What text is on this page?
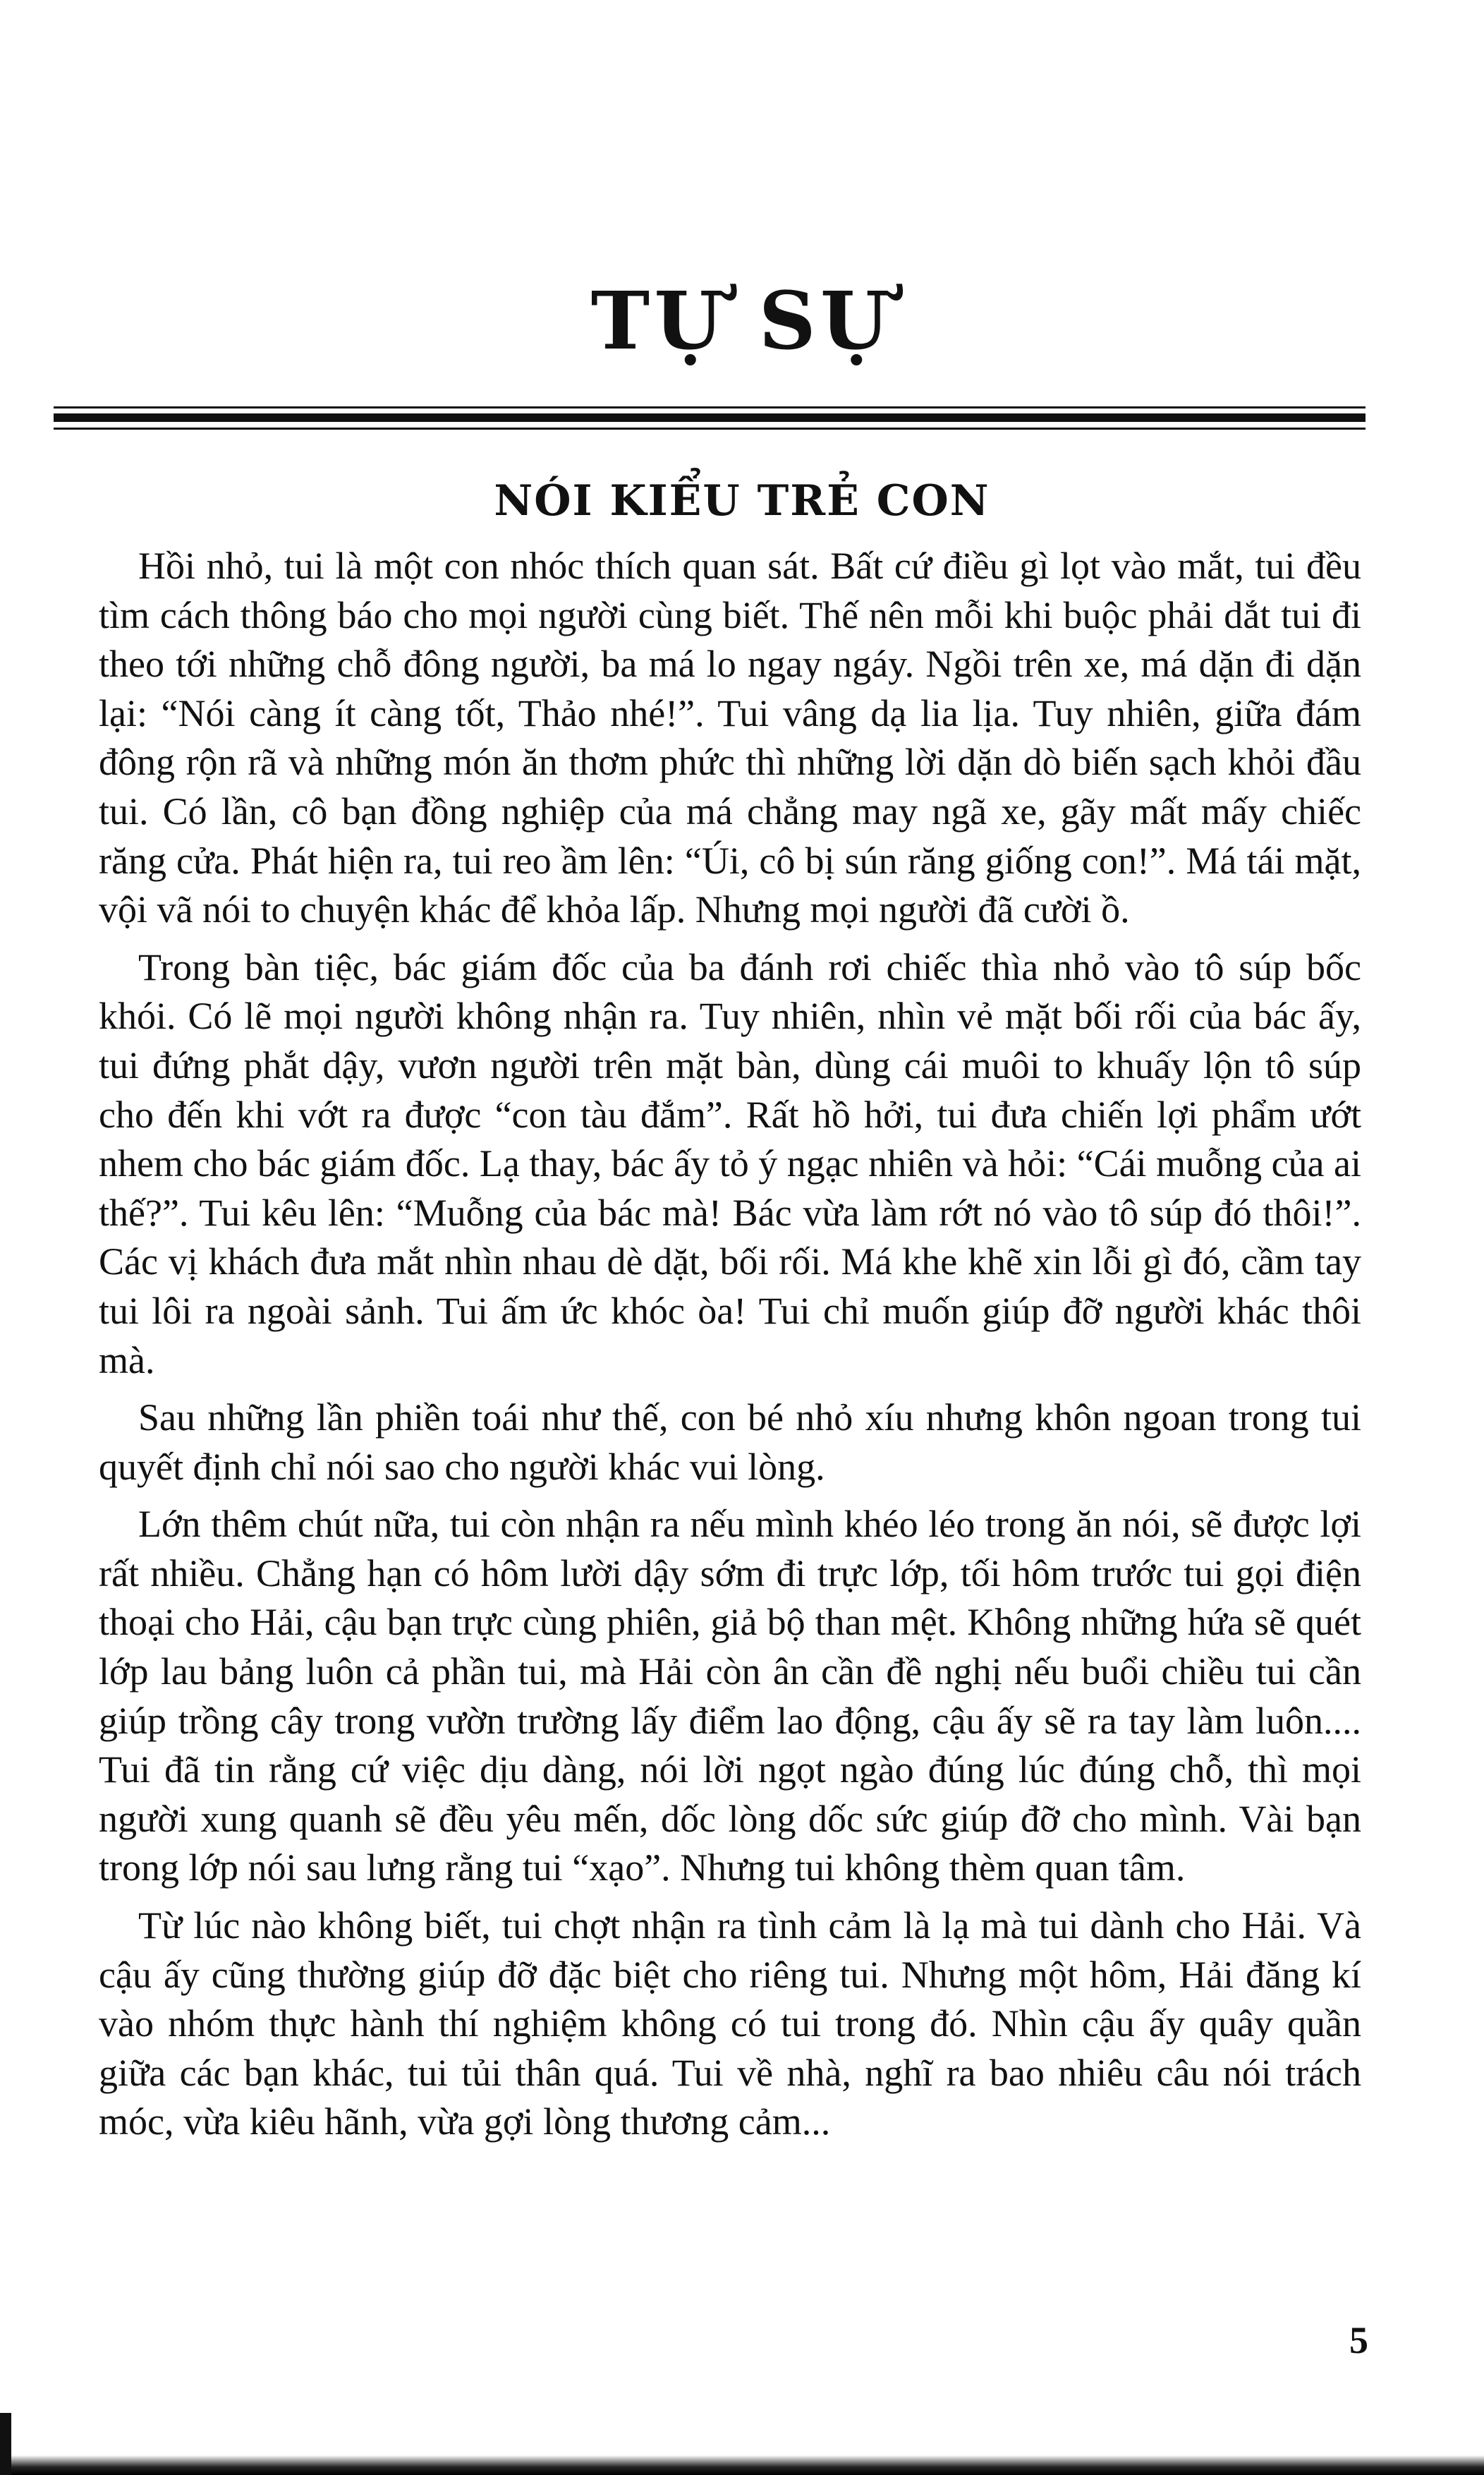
TỰ SỰ
NÓI KIỂU TRẺ CON

Hồi nhỏ, tui là một con nhóc thích quan sát. Bất cứ điều gì lọt vào mắt, tui đều tìm cách thông báo cho mọi người cùng biết. Thế nên mỗi khi buộc phải dắt tui đi theo tới những chỗ đông người, ba má lo ngay ngáy. Ngồi trên xe, má dặn đi dặn lại: “Nói càng ít càng tốt, Thảo nhé!”. Tui vâng dạ lia lịa. Tuy nhiên, giữa đám đông rộn rã và những món ăn thơm phức thì những lời dặn dò biến sạch khỏi đầu tui. Có lần, cô bạn đồng nghiệp của má chẳng may ngã xe, gãy mất mấy chiếc răng cửa. Phát hiện ra, tui reo ầm lên: “Úi, cô bị sún răng giống con!”. Má tái mặt, vội vã nói to chuyện khác để khỏa lấp. Nhưng mọi người đã cười ồ.

Trong bàn tiệc, bác giám đốc của ba đánh rơi chiếc thìa nhỏ vào tô súp bốc khói. Có lẽ mọi người không nhận ra. Tuy nhiên, nhìn vẻ mặt bối rối của bác ấy, tui đứng phắt dậy, vươn người trên mặt bàn, dùng cái muôi to khuấy lộn tô súp cho đến khi vớt ra được “con tàu đắm”. Rất hồ hởi, tui đưa chiến lợi phẩm ướt nhem cho bác giám đốc. Lạ thay, bác ấy tỏ ý ngạc nhiên và hỏi: “Cái muỗng của ai thế?”. Tui kêu lên: “Muỗng của bác mà! Bác vừa làm rớt nó vào tô súp đó thôi!”. Các vị khách đưa mắt nhìn nhau dè dặt, bối rối. Má khe khẽ xin lỗi gì đó, cầm tay tui lôi ra ngoài sảnh. Tui ấm ức khóc òa! Tui chỉ muốn giúp đỡ người khác thôi mà.

Sau những lần phiền toái như thế, con bé nhỏ xíu nhưng khôn ngoan trong tui quyết định chỉ nói sao cho người khác vui lòng.

Lớn thêm chút nữa, tui còn nhận ra nếu mình khéo léo trong ăn nói, sẽ được lợi rất nhiều. Chẳng hạn có hôm lười dậy sớm đi trực lớp, tối hôm trước tui gọi điện thoại cho Hải, cậu bạn trực cùng phiên, giả bộ than mệt. Không những hứa sẽ quét lớp lau bảng luôn cả phần tui, mà Hải còn ân cần đề nghị nếu buổi chiều tui cần giúp trồng cây trong vườn trường lấy điểm lao động, cậu ấy sẽ ra tay làm luôn.... Tui đã tin rằng cứ việc dịu dàng, nói lời ngọt ngào đúng lúc đúng chỗ, thì mọi người xung quanh sẽ đều yêu mến, dốc lòng dốc sức giúp đỡ cho mình. Vài bạn trong lớp nói sau lưng rằng tui “xạo”. Nhưng tui không thèm quan tâm.

Từ lúc nào không biết, tui chợt nhận ra tình cảm là lạ mà tui dành cho Hải. Và cậu ấy cũng thường giúp đỡ đặc biệt cho riêng tui. Nhưng một hôm, Hải đăng kí vào nhóm thực hành thí nghiệm không có tui trong đó. Nhìn cậu ấy quây quần giữa các bạn khác, tui tủi thân quá. Tui về nhà, nghĩ ra bao nhiêu câu nói trách móc, vừa kiêu hãnh, vừa gợi lòng thương cảm...

5
